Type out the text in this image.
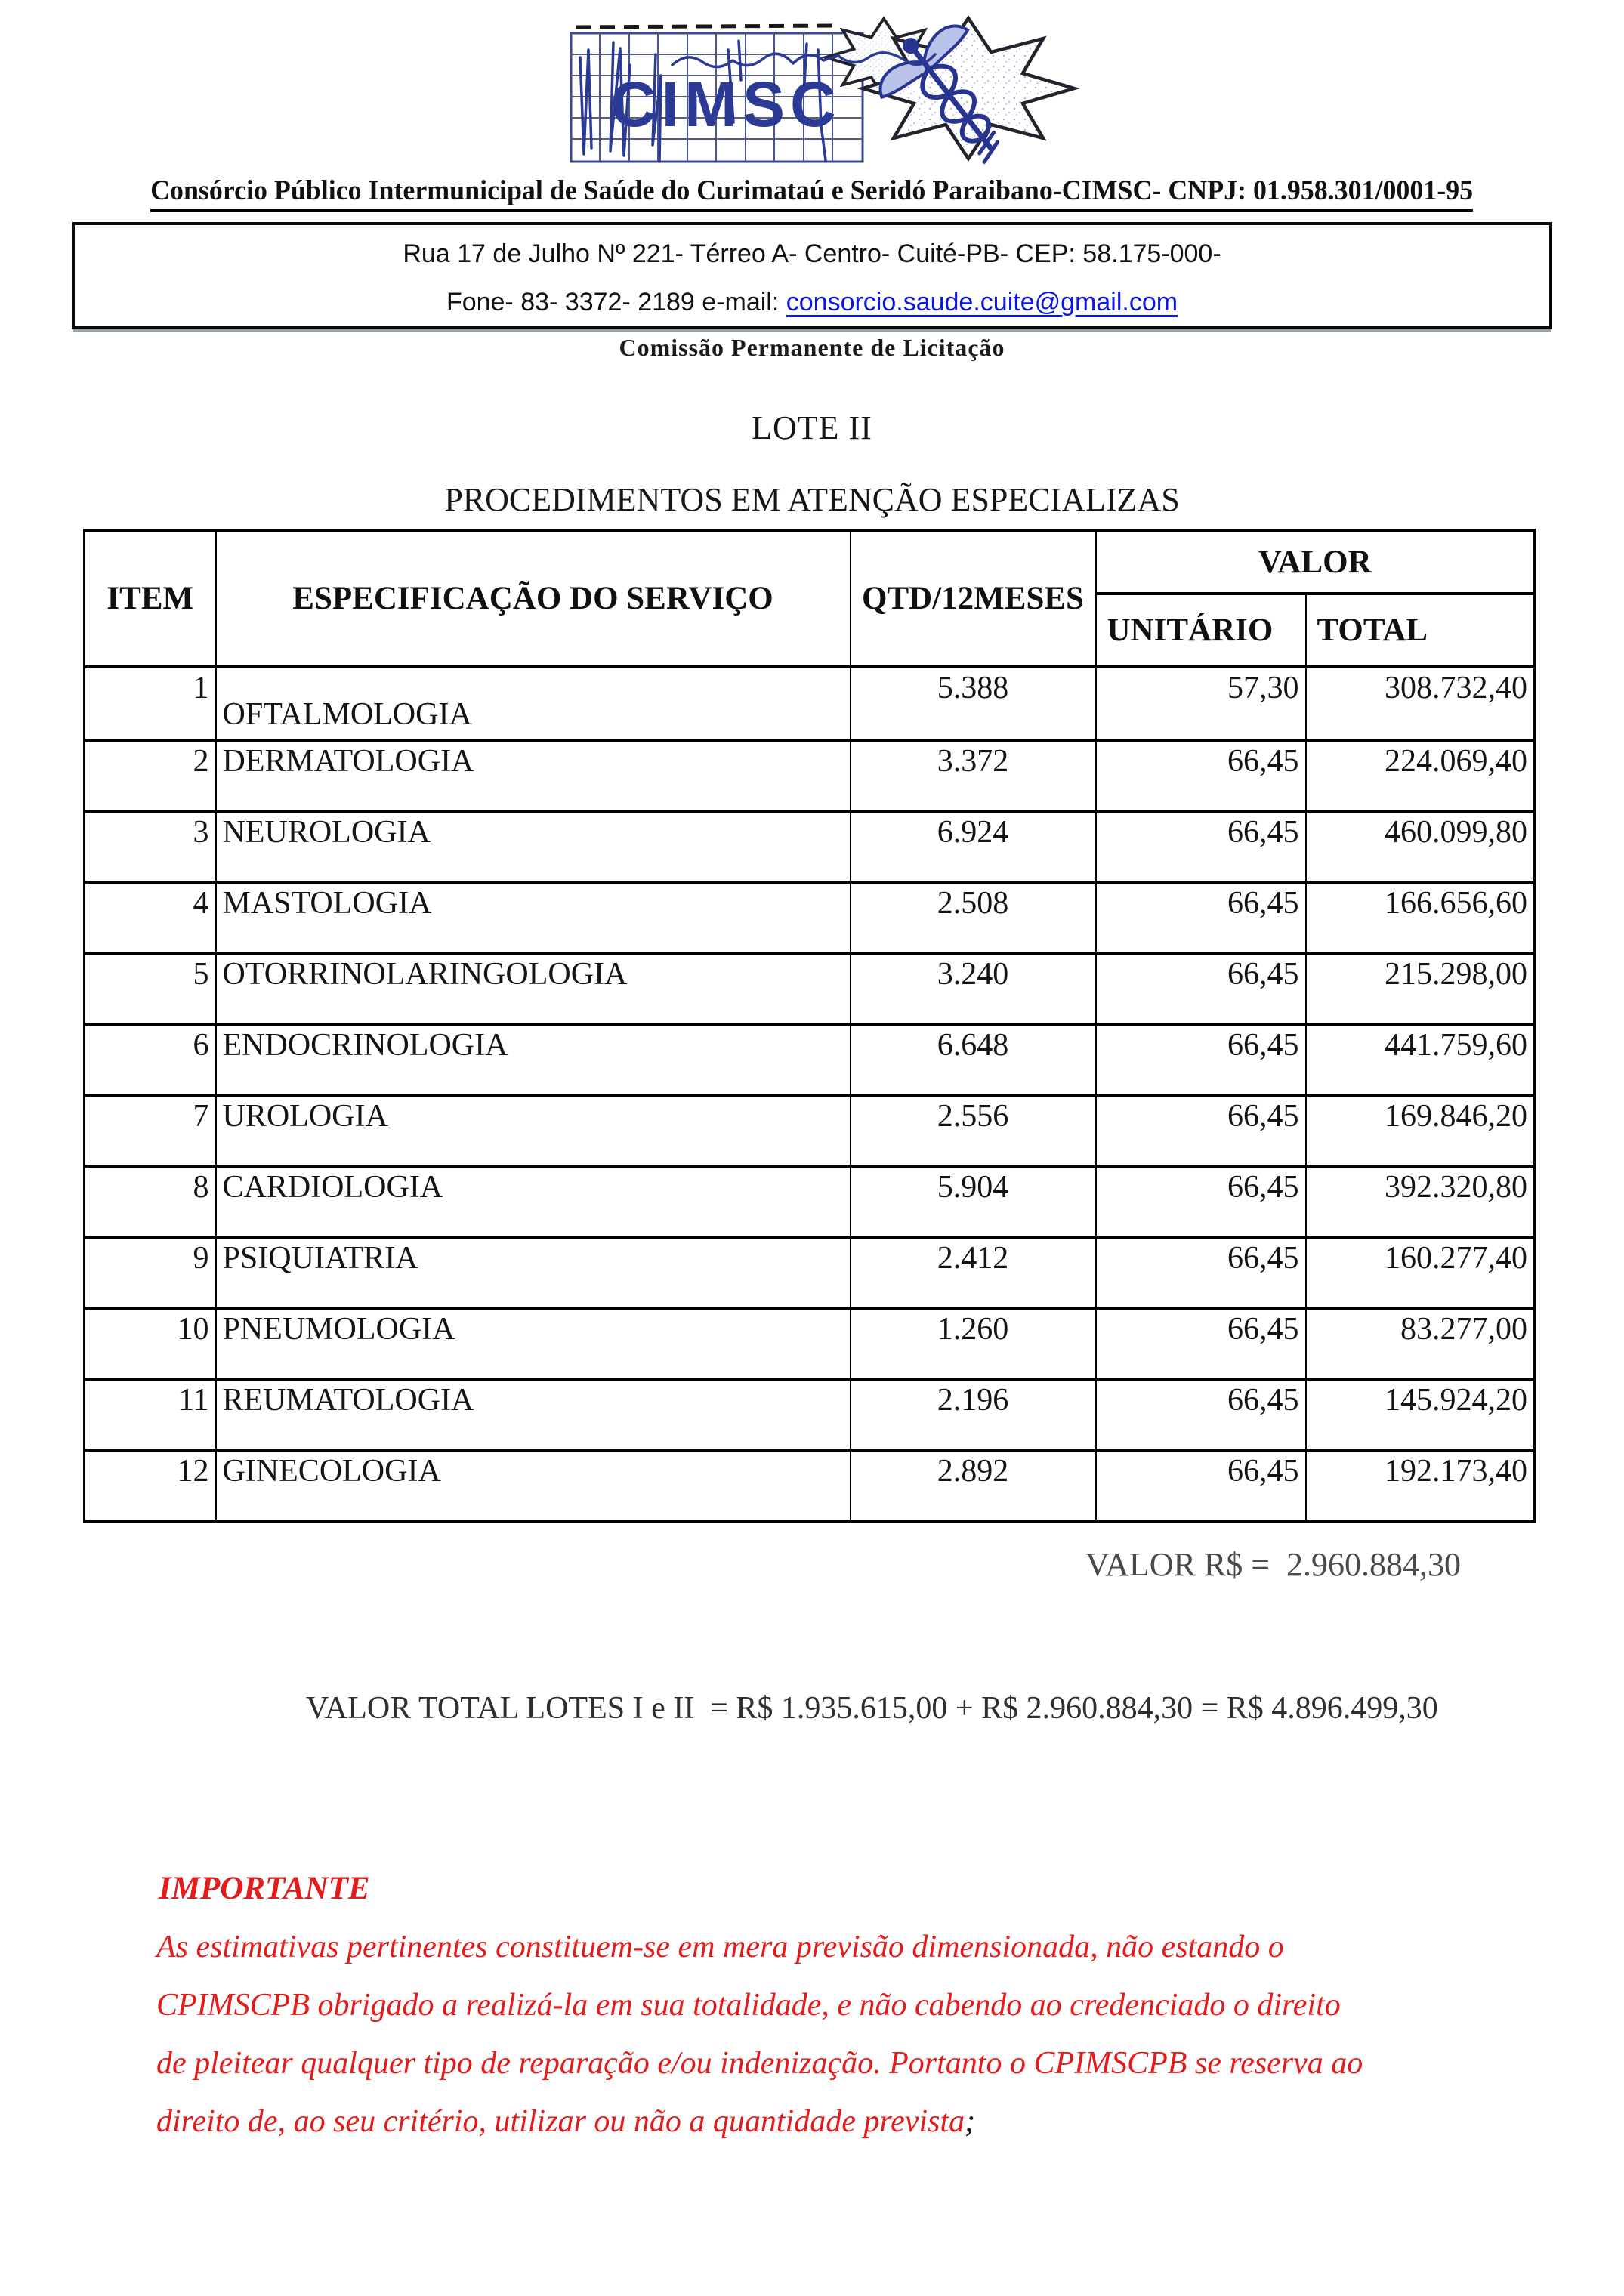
CIMSC
Consórcio Público Intermunicipal de Saúde do Curimataú e Seridó Paraibano-CIMSC- CNPJ: 01.958.301/0001-95
Rua 17 de Julho Nº 221- Térreo A- Centro- Cuité-PB- CEP: 58.175-000-
Fone- 83- 3372- 2189 e-mail: consorcio.saude.cuite@gmail.com
Comissão Permanente de Licitação
LOTE II
PROCEDIMENTOS EM ATENÇÃO ESPECIALIZAS
ITEM	ESPECIFICAÇÃO DO SERVIÇO	QTD/12MESES	VALOR	
			UNITÁRIO	TOTAL
1	OFTALMOLOGIA	5.388	57,30	308.732,40
2	DERMATOLOGIA	3.372	66,45	224.069,40
3	NEUROLOGIA	6.924	66,45	460.099,80
4	MASTOLOGIA	2.508	66,45	166.656,60
5	OTORRINOLARINGOLOGIA	3.240	66,45	215.298,00
6	ENDOCRINOLOGIA	6.648	66,45	441.759,60
7	UROLOGIA	2.556	66,45	169.846,20
8	CARDIOLOGIA	5.904	66,45	392.320,80
9	PSIQUIATRIA	2.412	66,45	160.277,40
10	PNEUMOLOGIA	1.260	66,45	83.277,00
11	REUMATOLOGIA	2.196	66,45	145.924,20
12	GINECOLOGIA	2.892	66,45	192.173,40
VALOR R$ =  2.960.884,30
VALOR TOTAL LOTES I e II  = R$ 1.935.615,00 + R$ 2.960.884,30 = R$ 4.896.499,30
IMPORTANTE
As estimativas pertinentes constituem-se em mera previsão dimensionada, não estando o
CPIMSCPB obrigado a realizá-la em sua totalidade, e não cabendo ao credenciado o direito
de pleitear qualquer tipo de reparação e/ou indenização. Portanto o CPIMSCPB se reserva ao
direito de, ao seu critério, utilizar ou não a quantidade prevista;
